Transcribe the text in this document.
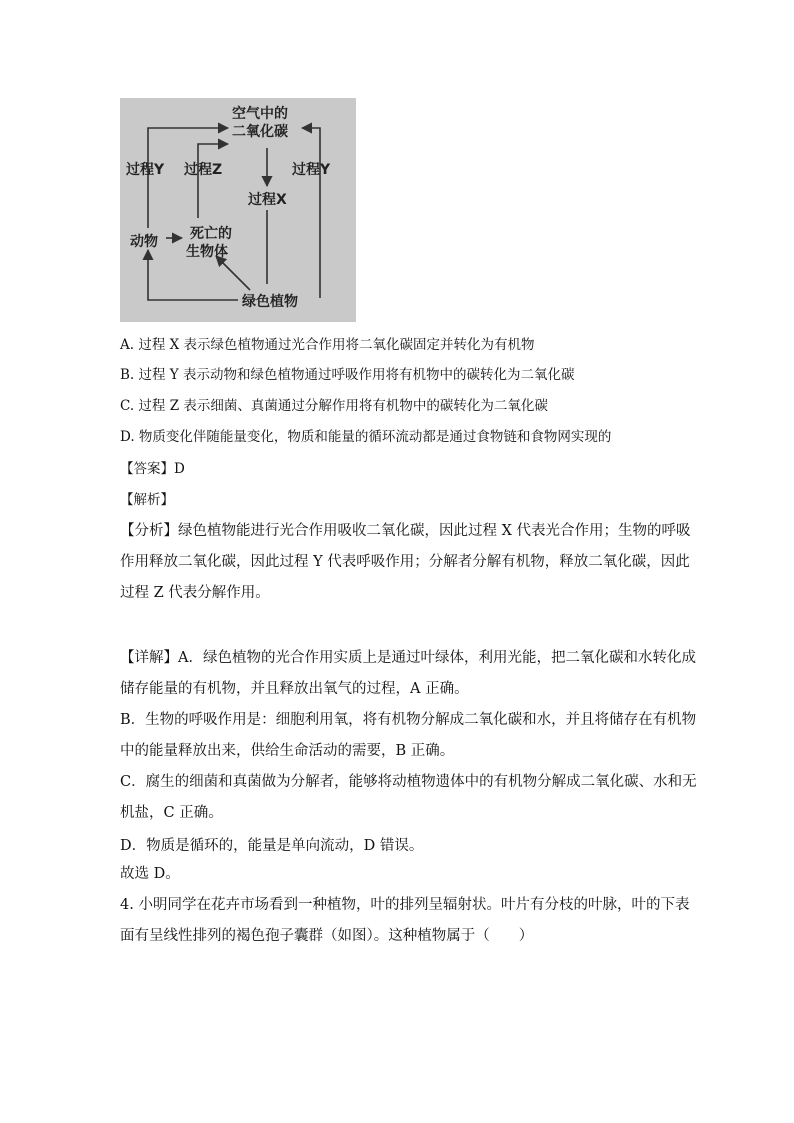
空气中的
二氧化碳
过程Y 过程Z	过程Y
过程X
动物 死亡的
生物体
绿色植物
A. 过程 X 表示绿色植物通过光合作用将二氧化碳固定并转化为有机物
B. 过程 Y 表示动物和绿色植物通过呼吸作用将有机物中的碳转化为二氧化碳
C. 过程 Z 表示细菌、真菌通过分解作用将有机物中的碳转化为二氧化碳
D. 物质变化伴随能量变化，物质和能量的循环流动都是通过食物链和食物网实现的
【答案】D
【解析】
【分析】绿色植物能进行光合作用吸收二氧化碳，因此过程 X 代表光合作用；生物的呼吸
作用释放二氧化碳，因此过程 Y 代表呼吸作用；分解者分解有机物，释放二氧化碳，因此
过程 Z 代表分解作用。
【详解】A．绿色植物的光合作用实质上是通过叶绿体，利用光能，把二氧化碳和水转化成
储存能量的有机物，并且释放出氧气的过程，A 正确。
B．生物的呼吸作用是：细胞利用氧，将有机物分解成二氧化碳和水，并且将储存在有机物
中的能量释放出来，供给生命活动的需要，B 正确。
C．腐生的细菌和真菌做为分解者，能够将动植物遗体中的有机物分解成二氧化碳、水和无
机盐，C 正确。
D．物质是循环的，能量是单向流动，D 错误。
故选 D。
4. 小明同学在花卉市场看到一种植物，叶的排列呈辐射状。叶片有分枝的叶脉，叶的下表
面有呈线性排列的褐色孢子囊群（如图）。这种植物属于（　　）
